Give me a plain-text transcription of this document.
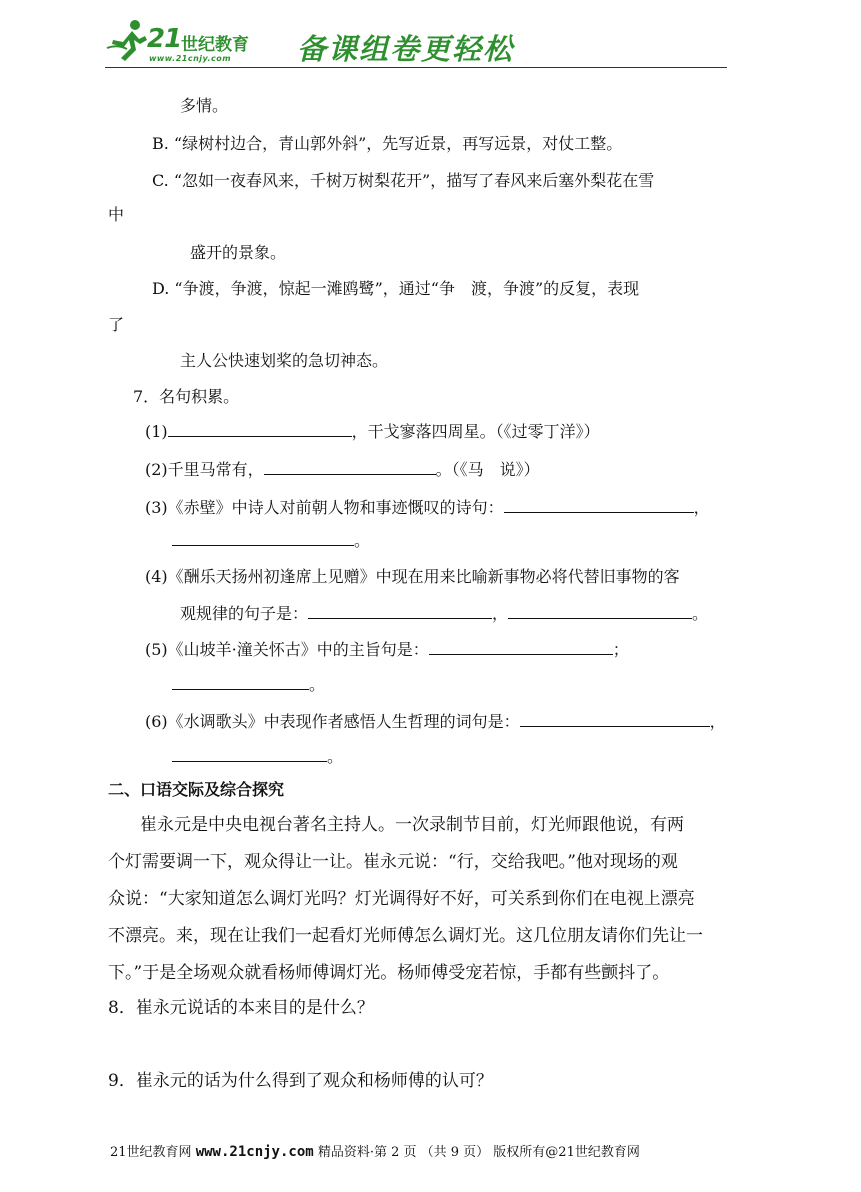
21 世纪教育
www.21cnjy.com 备课组卷更轻松
多情。
B. “绿树村边合，青山郭外斜”，先写近景，再写远景，对仗工整。
C. “忽如一夜春风来，千树万树梨花开”，描写了春风来后塞外梨花在雪
中
盛开的景象。
D. “争渡，争渡，惊起一滩鸥鹭”，通过“争　渡，争渡”的反复，表现
了
主人公快速划桨的急切神态。
7．名句积累。
(1)	，干戈寥落四周星。（《过零丁洋》）
(2)千里马常有，	。（《马　说》）
(3)《赤壁》中诗人对前朝人物和事迹慨叹的诗句：	，
。
(4)《酬乐天扬州初逢席上见赠》中现在用来比喻新事物必将代替旧事物的客
观规律的句子是：	，	。
(5)《山坡羊·潼关怀古》中的主旨句是：	；
。
(6)《水调歌头》中表现作者感悟人生哲理的词句是：	，
。
二、口语交际及综合探究
崔永元是中央电视台著名主持人。一次录制节目前，灯光师跟他说，有两
个灯需要调一下，观众得让一让。崔永元说：“行，交给我吧。”他对现场的观
众说：“大家知道怎么调灯光吗？灯光调得好不好，可关系到你们在电视上漂亮
不漂亮。来，现在让我们一起看灯光师傅怎么调灯光。这几位朋友请你们先让一
下。”于是全场观众就看杨师傅调灯光。杨师傅受宠若惊，手都有些颤抖了。
8．崔永元说话的本来目的是什么？
9．崔永元的话为什么得到了观众和杨师傅的认可？
21世纪教育网 www.21cnjy.com 精品资料·第 2 页 （共 9 页） 版权所有@21世纪教育网
